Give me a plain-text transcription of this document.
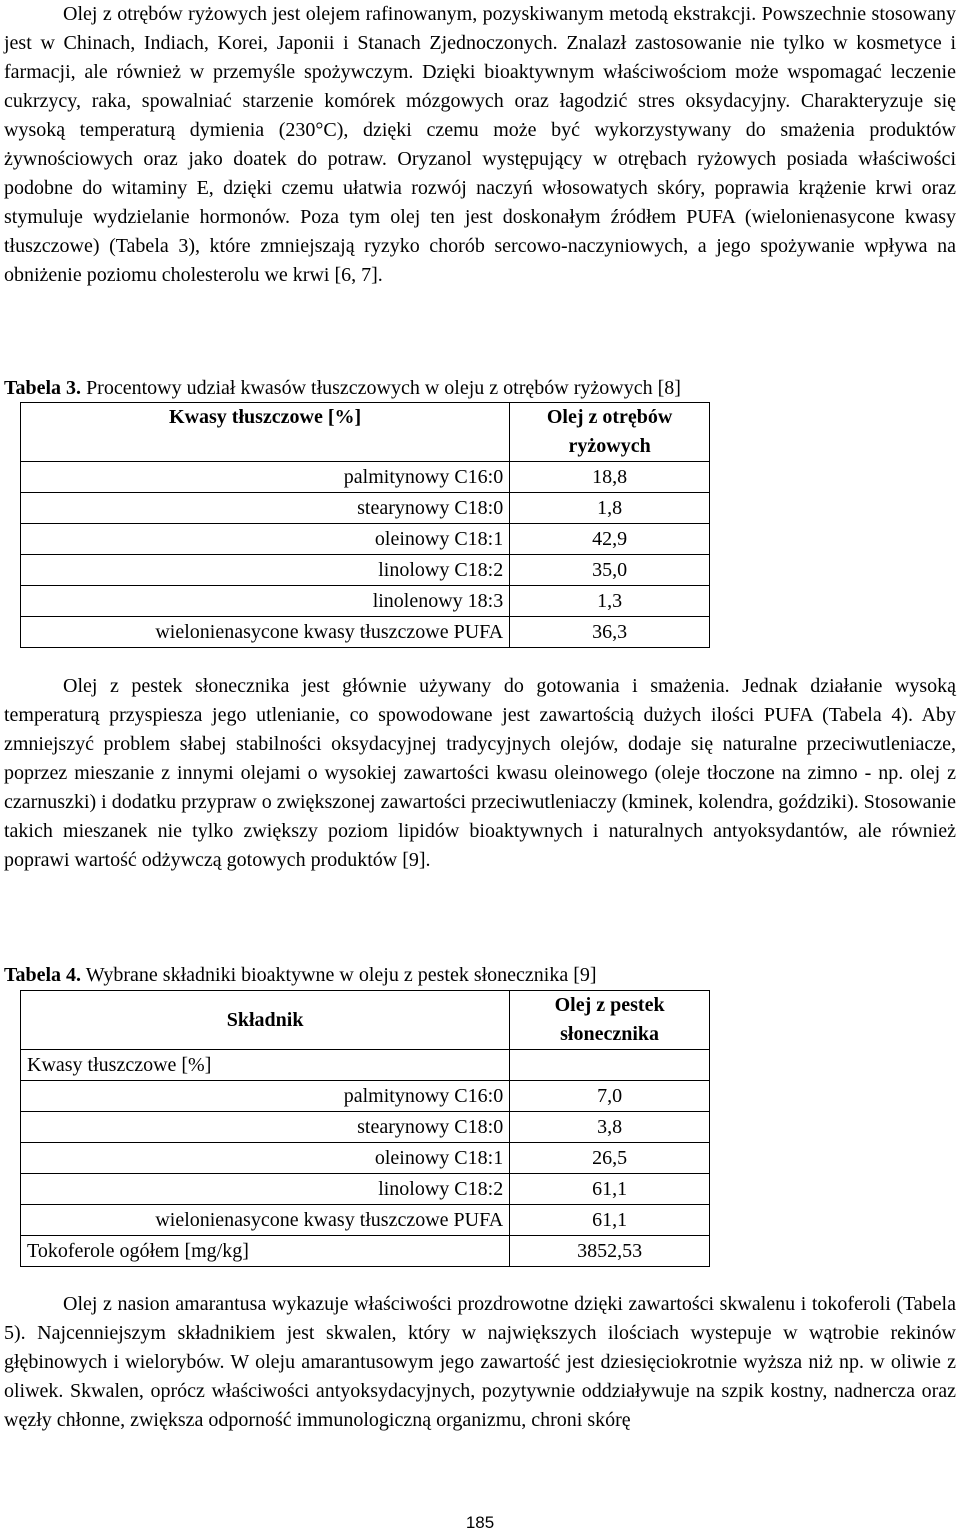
Olej z otrębów ryżowych jest olejem rafinowanym, pozyskiwanym metodą ekstrakcji. Powszechnie stosowany jest w Chinach, Indiach, Korei, Japonii i Stanach Zjednoczonych. Znalazł zastosowanie nie tylko w kosmetyce i farmacji, ale również w przemyśle spożywczym. Dzięki bioaktywnym właściwościom może wspomagać leczenie cukrzycy, raka, spowalniać starzenie komórek mózgowych oraz łagodzić stres oksydacyjny. Charakteryzuje się wysoką temperaturą dymienia (230°C), dzięki czemu może być wykorzystywany do smażenia produktów żywnościowych oraz jako doatek do potraw. Oryzanol występujący w otrębach ryżowych posiada właściwości podobne do witaminy E, dzięki czemu ułatwia rozwój naczyń włosowatych skóry, poprawia krążenie krwi oraz stymuluje wydzielanie hormonów. Poza tym olej ten jest doskonałym źródłem PUFA (wielonienasycone kwasy tłuszczowe) (Tabela 3), które zmniejszają ryzyko chorób sercowo-naczyniowych, a jego spożywanie wpływa na obniżenie poziomu cholesterolu we krwi [6, 7].

Tabela 3. Procentowy udział kwasów tłuszczowych w oleju z otrębów ryżowych [8]
Kwasy tłuszczowe [%]	Olej z otrębów ryżowych
palmitynowy C16:0	18,8
stearynowy C18:0	1,8
oleinowy C18:1	42,9
linolowy C18:2	35,0
linolenowy 18:3	1,3
wielonienasycone kwasy tłuszczowe PUFA	36,3

Olej z pestek słonecznika jest głównie używany do gotowania i smażenia. Jednak działanie wysoką temperaturą przyspiesza jego utlenianie, co spowodowane jest zawartością dużych ilości PUFA (Tabela 4). Aby zmniejszyć problem słabej stabilności oksydacyjnej tradycyjnych olejów, dodaje się naturalne przeciwutleniacze, poprzez mieszanie z innymi olejami o wysokiej zawartości kwasu oleinowego (oleje tłoczone na zimno - np. olej z czarnuszki) i dodatku przypraw o zwiększonej zawartości przeciwutleniaczy (kminek, kolendra, goździki). Stosowanie takich mieszanek nie tylko zwiększy poziom lipidów bioaktywnych i naturalnych antyoksydantów, ale również poprawi wartość odżywczą gotowych produktów [9].

Tabela 4. Wybrane składniki bioaktywne w oleju z pestek słonecznika [9]
Składnik	Olej z pestek słonecznika
Kwasy tłuszczowe [%]	
palmitynowy C16:0	7,0
stearynowy C18:0	3,8
oleinowy C18:1	26,5
linolowy C18:2	61,1
wielonienasycone kwasy tłuszczowe PUFA	61,1
Tokoferole ogółem [mg/kg]	3852,53

Olej z nasion amarantusa wykazuje właściwości prozdrowotne dzięki zawartości skwalenu i tokoferoli (Tabela 5). Najcenniejszym składnikiem jest skwalen, który w największych ilościach wystepuje w wątrobie rekinów głębinowych i wielorybów. W oleju amarantusowym jego zawartość jest dziesięciokrotnie wyższa niż np. w oliwie z oliwek. Skwalen, oprócz właściwości antyoksydacyjnych, pozytywnie oddziaływuje na szpik kostny, nadnercza oraz węzły chłonne, zwiększa odporność immunologiczną organizmu, chroni skórę

185
